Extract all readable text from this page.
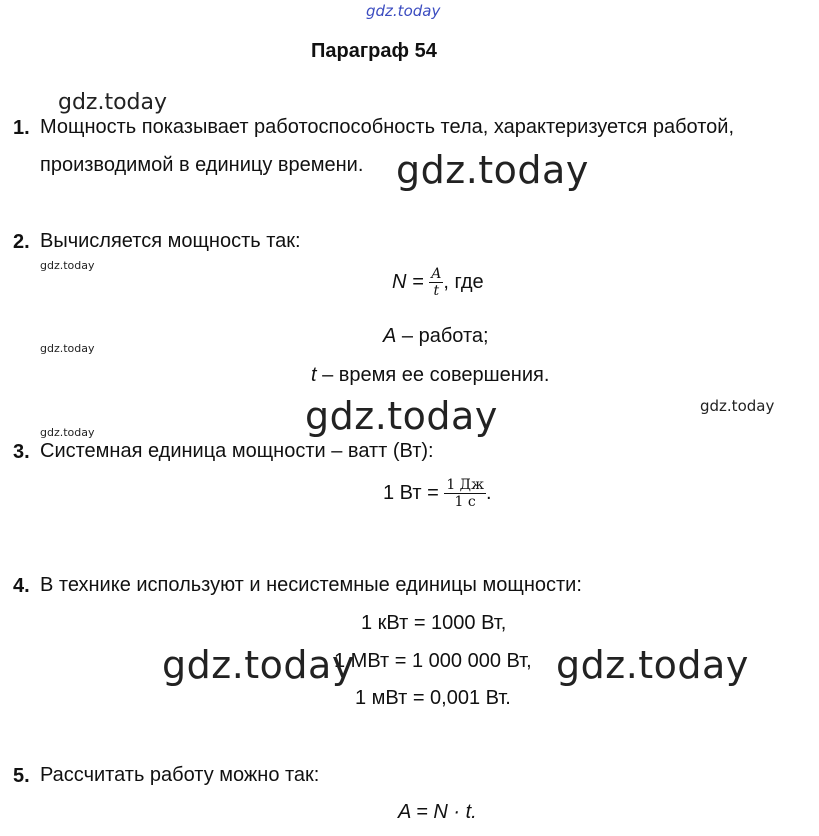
gdz.today
Параграф 54
gdz.today
1. Мощность показывает работоспособность тела, характеризуется работой,
производимой в единицу времени. gdz.today
2. Вычисляется мощность так:
gdz.today
$N = \frac{A}{t}$ , где
A – работа;
gdz.today
t – время ее совершения.
gdz.today	gdz.today
gdz.today
3. Системная единица мощности – ватт (Вт):
1 Вт = $\frac{1 Дж}{1 с}$ .
4. В технике используют и несистемные единицы мощности:
1 кВт = 1000 Вт,
1 МВт = 1 000 000 Вт,
1 мВт = 0,001 Вт.
gdz.today	gdz.today
5. Рассчитать работу можно так:
A = N · t.
